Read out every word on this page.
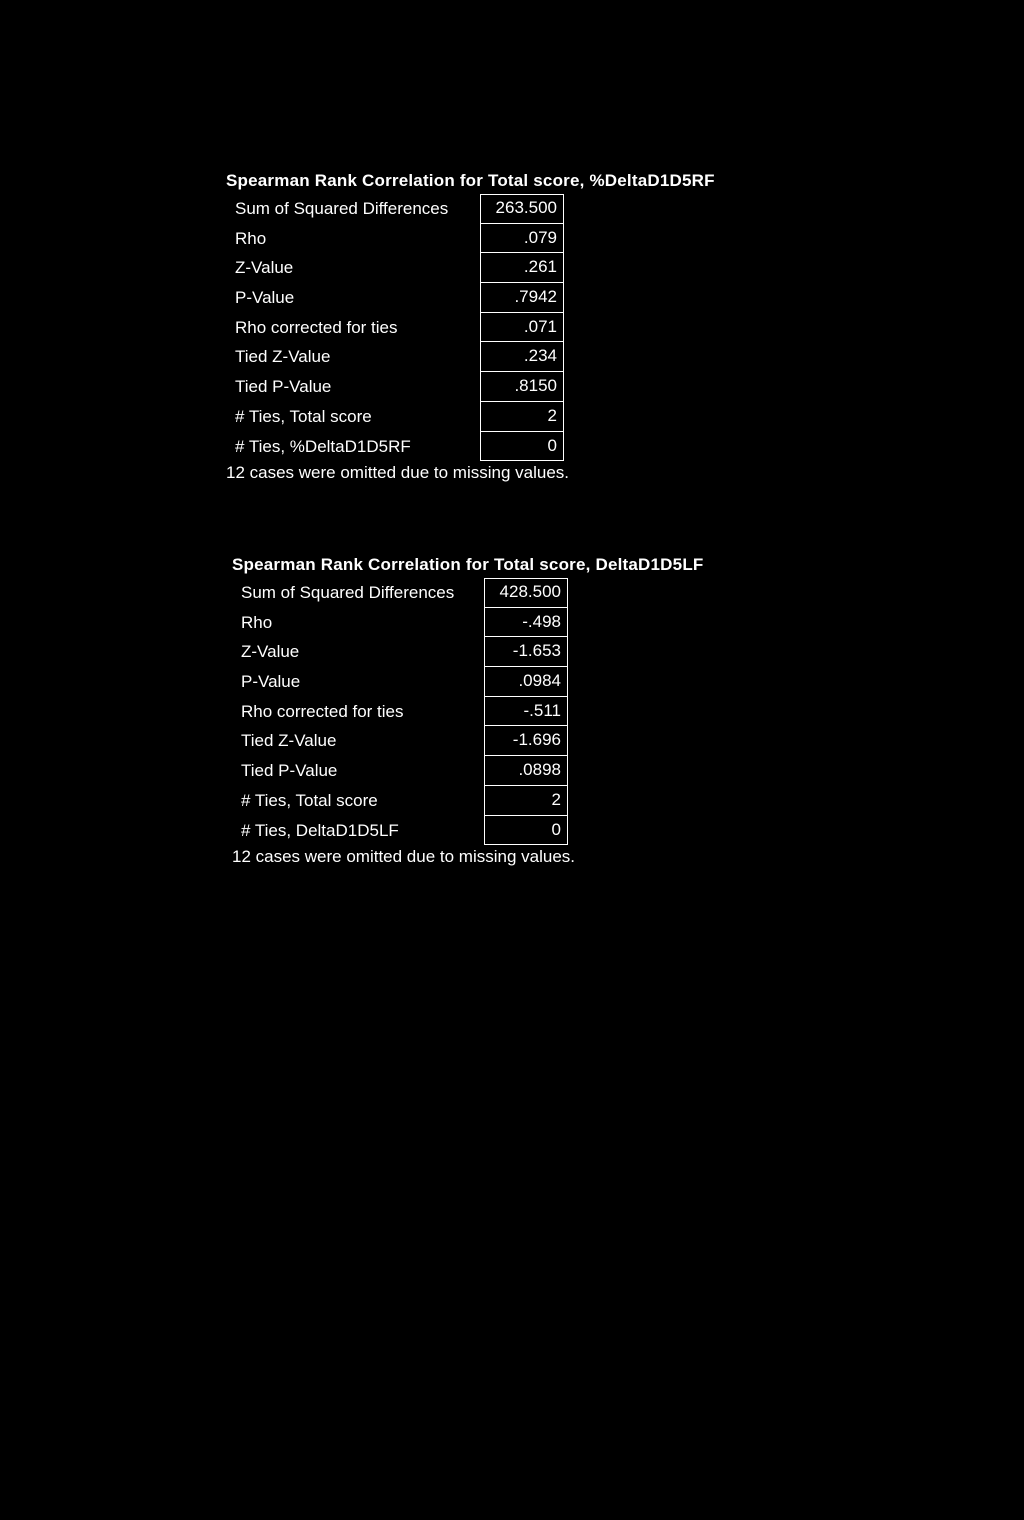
Spearman Rank Correlation for Total score, %DeltaD1D5RF
Sum of Squared Differences	263.500
Rho	.079
Z-Value	.261
P-Value	.7942
Rho corrected for ties	.071
Tied Z-Value	.234
Tied P-Value	.8150
# Ties, Total score	2
# Ties, %DeltaD1D5RF	0
12 cases were omitted due to missing values.
Spearman Rank Correlation for Total score, DeltaD1D5LF
Sum of Squared Differences	428.500
Rho	-.498
Z-Value	-1.653
P-Value	.0984
Rho corrected for ties	-.511
Tied Z-Value	-1.696
Tied P-Value	.0898
# Ties, Total score	2
# Ties, DeltaD1D5LF	0
12 cases were omitted due to missing values.
